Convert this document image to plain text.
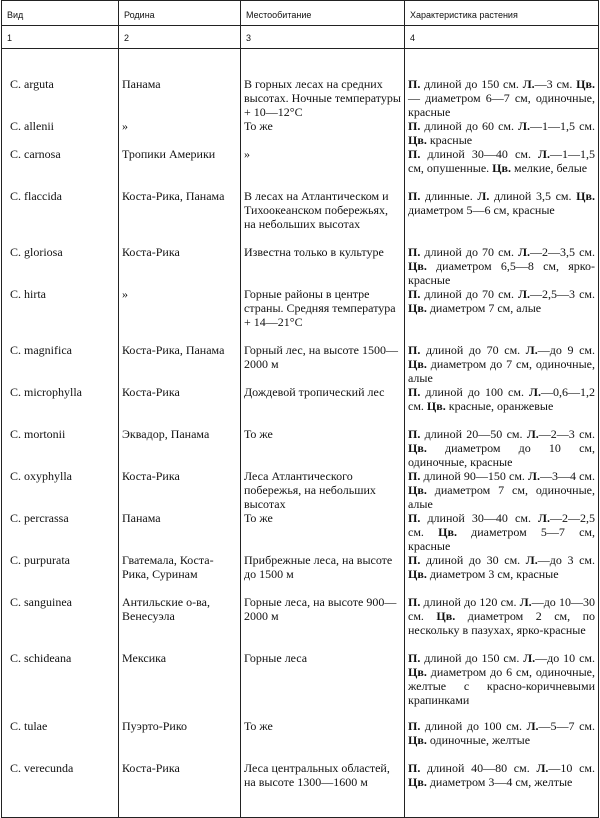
Вид	Родина	Местообитание	Характеристика растения
1	2	3	4

C. arguta	Панама	В горных лесах на средних высотах. Ночные температуры + 10—12°C	П. длиной до 150 см. Л.—3 см. Цв.— диаметром 6—7 см, одиночные, красные
C. allenii	»	То же	П. длиной до 60 см. Л.—1—1,5 см. Цв. красные
C. carnosa	Тропики Америки	»	П. длиной 30—40 см. Л.—1—1,5 см, опушенные. Цв. мелкие, белые
C. flaccida	Коста-Рика, Панама	В лесах на Атлантическом и Тихоокеанском побережьях, на небольших высотах	П. длинные. Л. длиной 3,5 см. Цв. диаметром 5—6 см, красные
C. gloriosa	Коста-Рика	Известна только в культуре	П. длиной до 70 см. Л.—2—3,5 см. Цв. диаметром 6,5—8 см, ярко-красные
C. hirta	»	Горные районы в центре страны. Средняя температура + 14—21°C	П. длиной до 70 см. Л.—2,5—3 см. Цв. диаметром 7 см, алые
C. magnifica	Коста-Рика, Панама	Горный лес, на высоте 1500—2000 м	П. длиной до 70 см. Л.—до 9 см. Цв. диаметром до 7 см, одиночные, алые
C. microphylla	Коста-Рика	Дождевой тропический лес	П. длиной до 100 см. Л.—0,6—1,2 см. Цв. красные, оранжевые
C. mortonii	Эквадор, Панама	То же	П. длиной 20—50 см. Л.—2—3 см. Цв. диаметром до 10 см, одиночные, красные
C. oxyphylla	Коста-Рика	Леса Атлантического побережья, на небольших высотах	П. длиной 90—150 см. Л.—3—4 см. Цв. диаметром 7 см, одиночные, алые
C. percrassa	Панама	То же	П. длиной 30—40 см. Л.—2—2,5 см. Цв. диаметром 5—7 см, красные
C. purpurata	Гватемала, Коста-Рика, Суринам	Прибрежные леса, на высоте до 1500 м	П. длиной до 30 см. Л.—до 3 см. Цв. диаметром 3 см, красные
C. sanguinea	Антильские о-ва, Венесуэла	Горные леса, на высоте 900—2000 м	П. длиной до 120 см. Л.—до 10—30 см. Цв. диаметром 2 см, по нескольку в пазухах, ярко-красные
C. schideana	Мексика	Горные леса	П. длиной до 150 см. Л.—до 10 см. Цв. диаметром до 6 см, одиночные, желтые с красно-коричневыми крапинками
C. tulae	Пуэрто-Рико	То же	П. длиной до 100 см. Л.—5—7 см. Цв. одиночные, желтые
C. verecunda	Коста-Рика	Леса центральных областей, на высоте 1300—1600 м	П. длиной 40—80 см. Л.—10 см. Цв. диаметром 3—4 см, желтые
